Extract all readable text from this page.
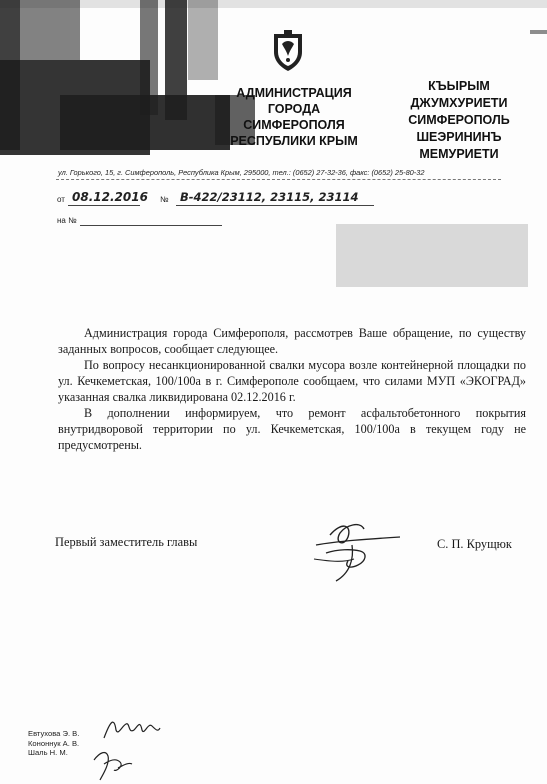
АДМИНИСТРАЦИЯ
ГОРОДА
СИМФЕРОПОЛЯ
РЕСПУБЛИКИ КРЫМ
КЪЫРЫМ
ДЖУМХУРИЕТИ
СИМФЕРОПОЛЬ
ШЕЭРИНИНЪ
МЕМУРИЕТИ
ул. Горького, 15, г. Симферополь, Республика Крым, 295000, тел.: (0652) 27-32-36, факс: (0652) 25-80-32
от 08.12.2016 № В-422/23112, 23115, 23114
на №

Администрация города Симферополя, рассмотрев Ваше обращение, по существу заданных вопросов, сообщает следующее.

По вопросу несанкционированной свалки мусора возле контейнерной площадки по ул. Кечкеметская, 100/100а в г. Симферополе сообщаем, что силами МУП «ЭКОГРАД» указанная свалка ликвидирована 02.12.2016 г.

В дополнении информируем, что ремонт асфальтобетонного покрытия внутридворовой территории по ул. Кечкеметская, 100/100а в текущем году не предусмотрены.

Первый заместитель главы	С. П. Крущюк
Евтухова Э. В.
Кононнук А. В.
Шаль Н. М.
